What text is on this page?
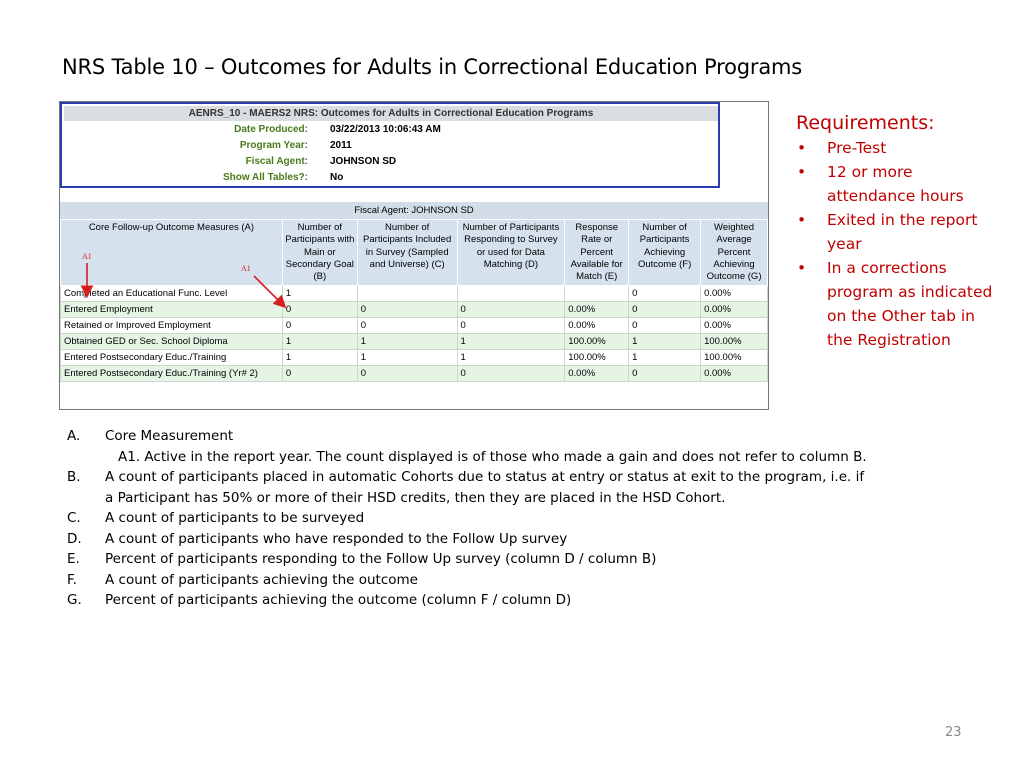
NRS Table 10 – Outcomes for Adults in Correctional Education Programs
AENRS_10 - MAERS2 NRS: Outcomes for Adults in Correctional Education Programs
Date Produced: 03/22/2013 10:06:43 AM
Program Year: 2011
Fiscal Agent: JOHNSON SD
Show All Tables?: No
Fiscal Agent: JOHNSON SD
Core Follow-up Outcome Measures (A)	Number of Participants with Main or Secondary Goal (B)	Number of Participants Included in Survey (Sampled and Universe) (C)	Number of Participants Responding to Survey or used for Data Matching (D)	Response Rate or Percent Available for Match (E)	Number of Participants Achieving Outcome (F)	Weighted Average Percent Achieving Outcome (G)
Completed an Educational Func. Level	1				0	0.00%
Entered Employment	0	0	0	0.00%	0	0.00%
Retained or Improved Employment	0	0	0	0.00%	0	0.00%
Obtained GED or Sec. School Diploma	1	1	1	100.00%	1	100.00%
Entered Postsecondary Educ./Training	1	1	1	100.00%	1	100.00%
Entered Postsecondary Educ./Training (Yr# 2)	0	0	0	0.00%	0	0.00%
A1
A1
Requirements:
• Pre-Test
• 12 or more attendance hours
• Exited in the report year
• In a corrections program as indicated on the Other tab in the Registration
A. Core Measurement
A1. Active in the report year. The count displayed is of those who made a gain and does not refer to column B.
B. A count of participants placed in automatic Cohorts due to status at entry or status at exit to the program, i.e. if a Participant has 50% or more of their HSD credits, then they are placed in the HSD Cohort.
C. A count of participants to be surveyed
D. A count of participants who have responded to the Follow Up survey
E. Percent of participants responding to the Follow Up survey (column D / column B)
F. A count of participants achieving the outcome
G. Percent of participants achieving the outcome (column F / column D)
23
